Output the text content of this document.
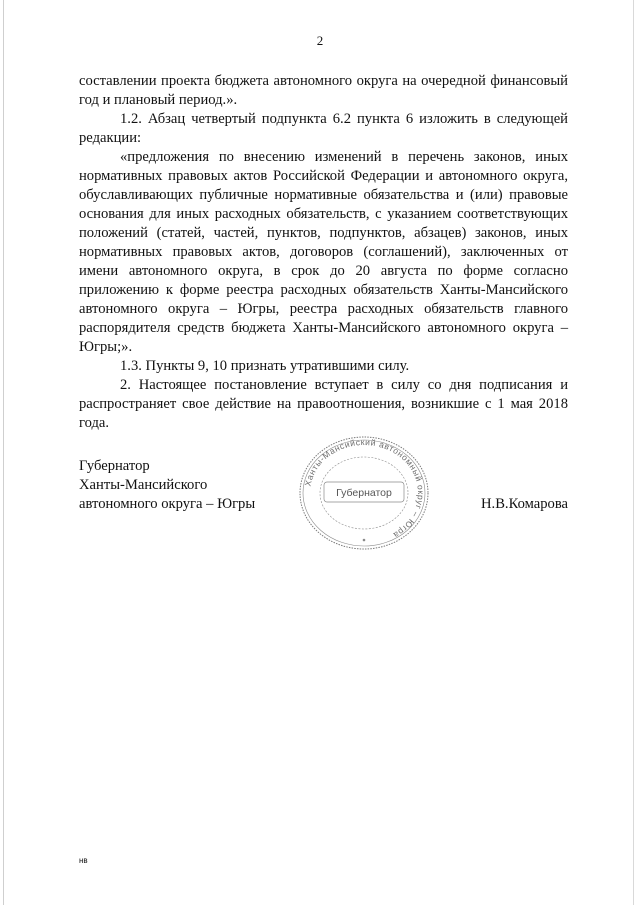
2

составлении проекта бюджета автономного округа на очередной финансовый год и плановый период.».

1.2. Абзац четвертый подпункта 6.2 пункта 6 изложить в следующей редакции:

«предложения по внесению изменений в перечень законов, иных нормативных правовых актов Российской Федерации и автономного округа, обуславливающих публичные нормативные обязательства и (или) правовые основания для иных расходных обязательств, с указанием соответствующих положений (статей, частей, пунктов, подпунктов, абзацев) законов, иных нормативных правовых актов, договоров (соглашений), заключенных от имени автономного округа, в срок до 20 августа по форме согласно приложению к форме реестра расходных обязательств Ханты-Мансийского автономного округа – Югры, реестра расходных обязательств главного распорядителя средств бюджета Ханты-Мансийского автономного округа – Югры;».

1.3. Пункты 9, 10 признать утратившими силу.

2. Настоящее постановление вступает в силу со дня подписания и распространяет свое действие на правоотношения, возникшие с 1 мая 2018 года.

Губернатор
Ханты-Мансийского
автономного округа – Югры
Ханты-Мансийский автономный округ – Югра
Губернатор
Н.В.Комарова
нв
